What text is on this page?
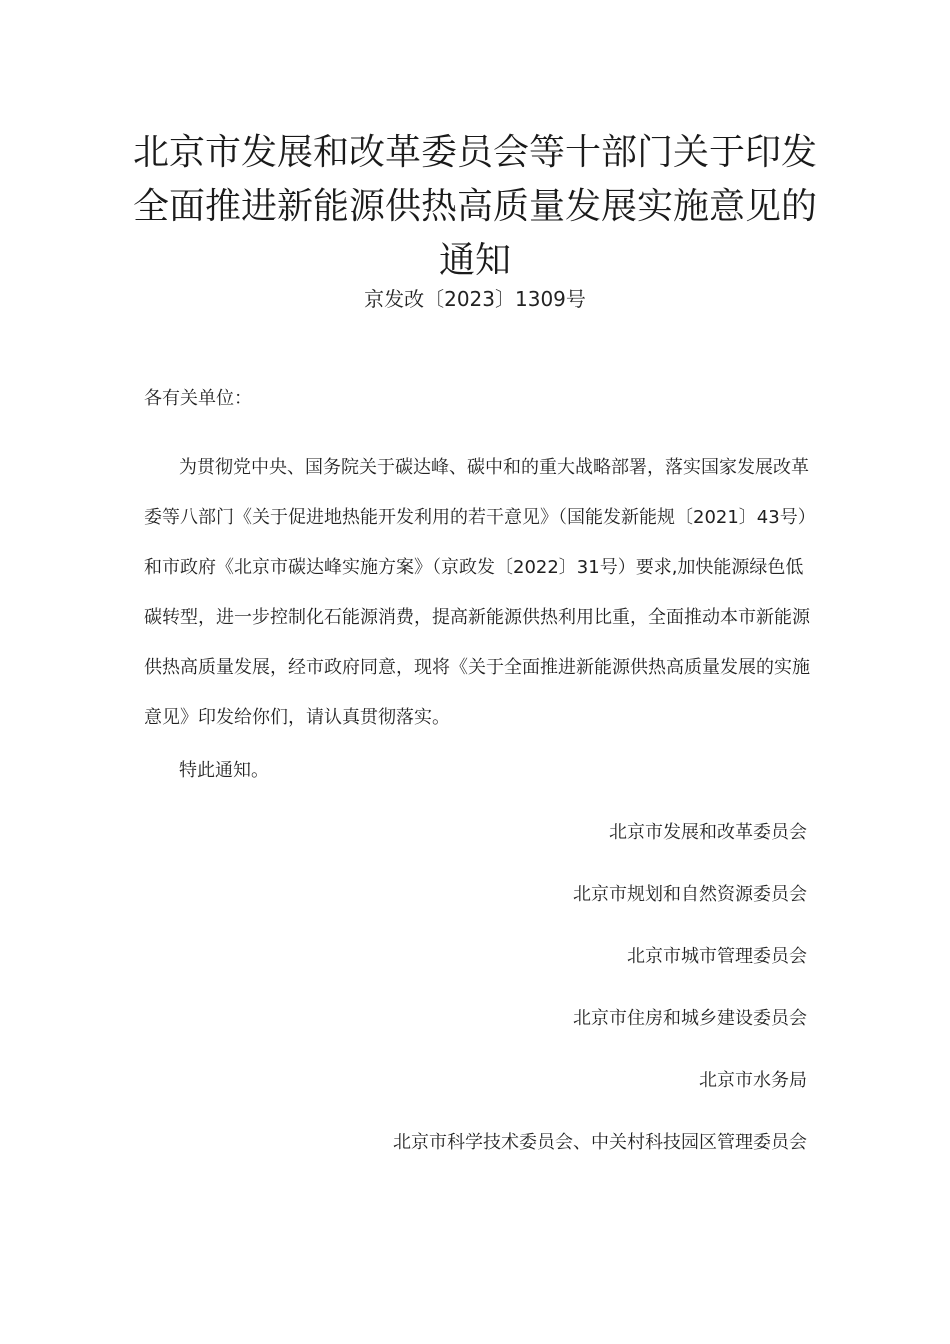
北京市发展和改革委员会等十部门关于印发全面推进新能源供热高质量发展实施意见的通知
京发改〔2023〕1309号
各有关单位：

为贯彻党中央、国务院关于碳达峰、碳中和的重大战略部署，落实国家发展改革委等八部门《关于促进地热能开发利用的若干意见》（国能发新能规〔2021〕43号）和市政府《北京市碳达峰实施方案》（京政发〔2022〕31号）要求,加快能源绿色低碳转型，进一步控制化石能源消费，提高新能源供热利用比重，全面推动本市新能源供热高质量发展，经市政府同意，现将《关于全面推进新能源供热高质量发展的实施意见》印发给你们，请认真贯彻落实。

特此通知。
北京市发展和改革委员会
北京市规划和自然资源委员会
北京市城市管理委员会
北京市住房和城乡建设委员会
北京市水务局
北京市科学技术委员会、中关村科技园区管理委员会
